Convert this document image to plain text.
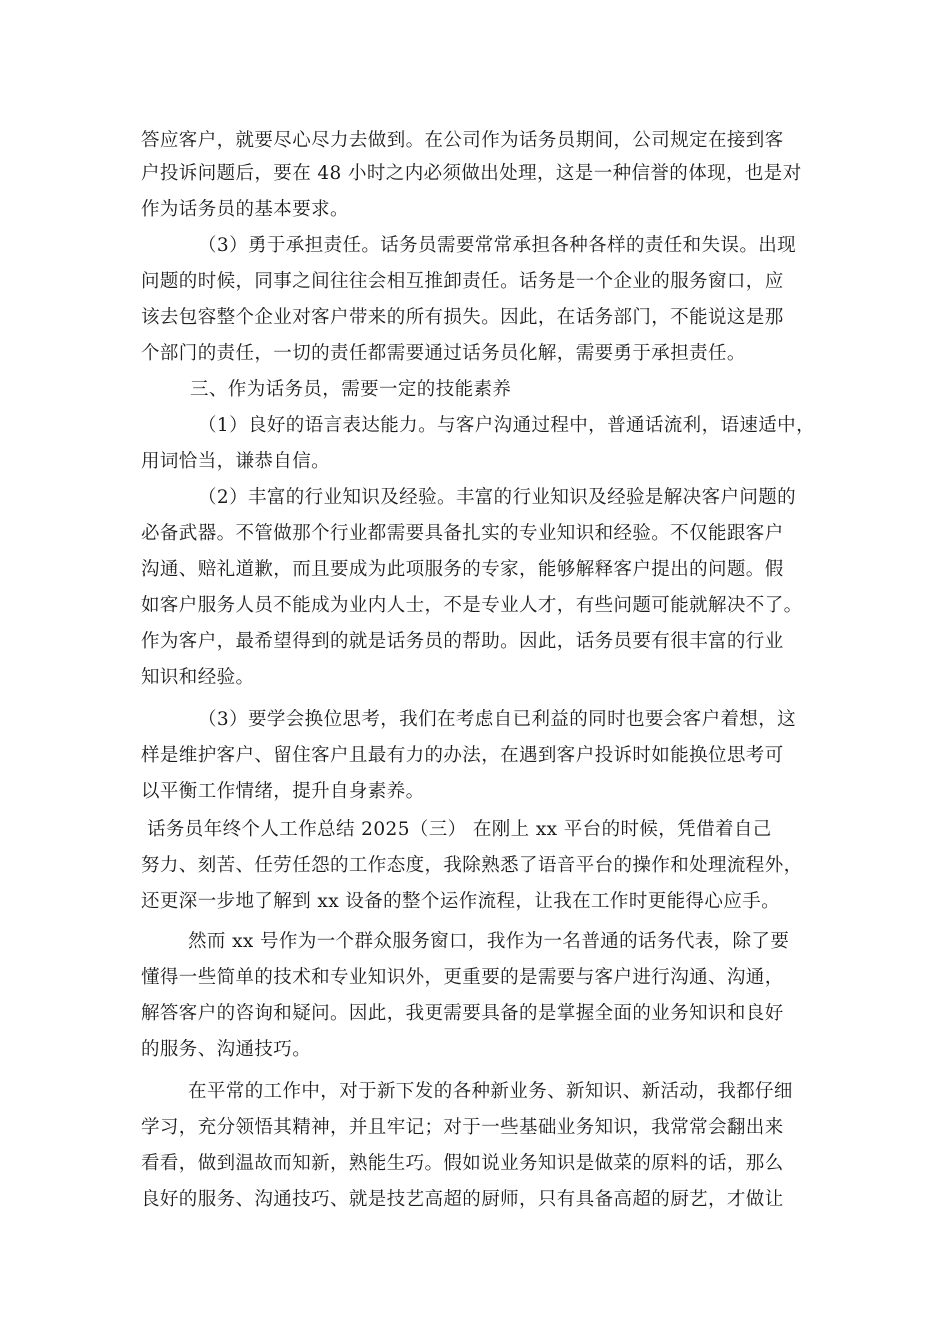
答应客户，就要尽心尽力去做到。在公司作为话务员期间，公司规定在接到客
户投诉问题后，要在 48 小时之内必须做出处理，这是一种信誉的体现，也是对
作为话务员的基本要求。
（3）勇于承担责任。话务员需要常常承担各种各样的责任和失误。出现
问题的时候，同事之间往往会相互推卸责任。话务是一个企业的服务窗口，应
该去包容整个企业对客户带来的所有损失。因此，在话务部门，不能说这是那
个部门的责任，一切的责任都需要通过话务员化解，需要勇于承担责任。
三、作为话务员，需要一定的技能素养
（1）良好的语言表达能力。与客户沟通过程中，普通话流利，语速适中，
用词恰当，谦恭自信。
（2）丰富的行业知识及经验。丰富的行业知识及经验是解决客户问题的
必备武器。不管做那个行业都需要具备扎实的专业知识和经验。不仅能跟客户
沟通、赔礼道歉，而且要成为此项服务的专家，能够解释客户提出的问题。假
如客户服务人员不能成为业内人士，不是专业人才，有些问题可能就解决不了。
作为客户，最希望得到的就是话务员的帮助。因此，话务员要有很丰富的行业
知识和经验。
（3）要学会换位思考，我们在考虑自已利益的同时也要会客户着想，这
样是维护客户、留住客户且最有力的办法，在遇到客户投诉时如能换位思考可
以平衡工作情绪，提升自身素养。
话务员年终个人工作总结 2025（三） 在刚上 xx 平台的时候，凭借着自己
努力、刻苦、任劳任怨的工作态度，我除熟悉了语音平台的操作和处理流程外，
还更深一步地了解到 xx 设备的整个运作流程，让我在工作时更能得心应手。
然而 xx 号作为一个群众服务窗口，我作为一名普通的话务代表，除了要
懂得一些简单的技术和专业知识外，更重要的是需要与客户进行沟通、沟通，
解答客户的咨询和疑问。因此，我更需要具备的是掌握全面的业务知识和良好
的服务、沟通技巧。
在平常的工作中，对于新下发的各种新业务、新知识、新活动，我都仔细
学习，充分领悟其精神，并且牢记；对于一些基础业务知识，我常常会翻出来
看看，做到温故而知新，熟能生巧。假如说业务知识是做菜的原料的话，那么
良好的服务、沟通技巧、就是技艺高超的厨师，只有具备高超的厨艺，才做让
